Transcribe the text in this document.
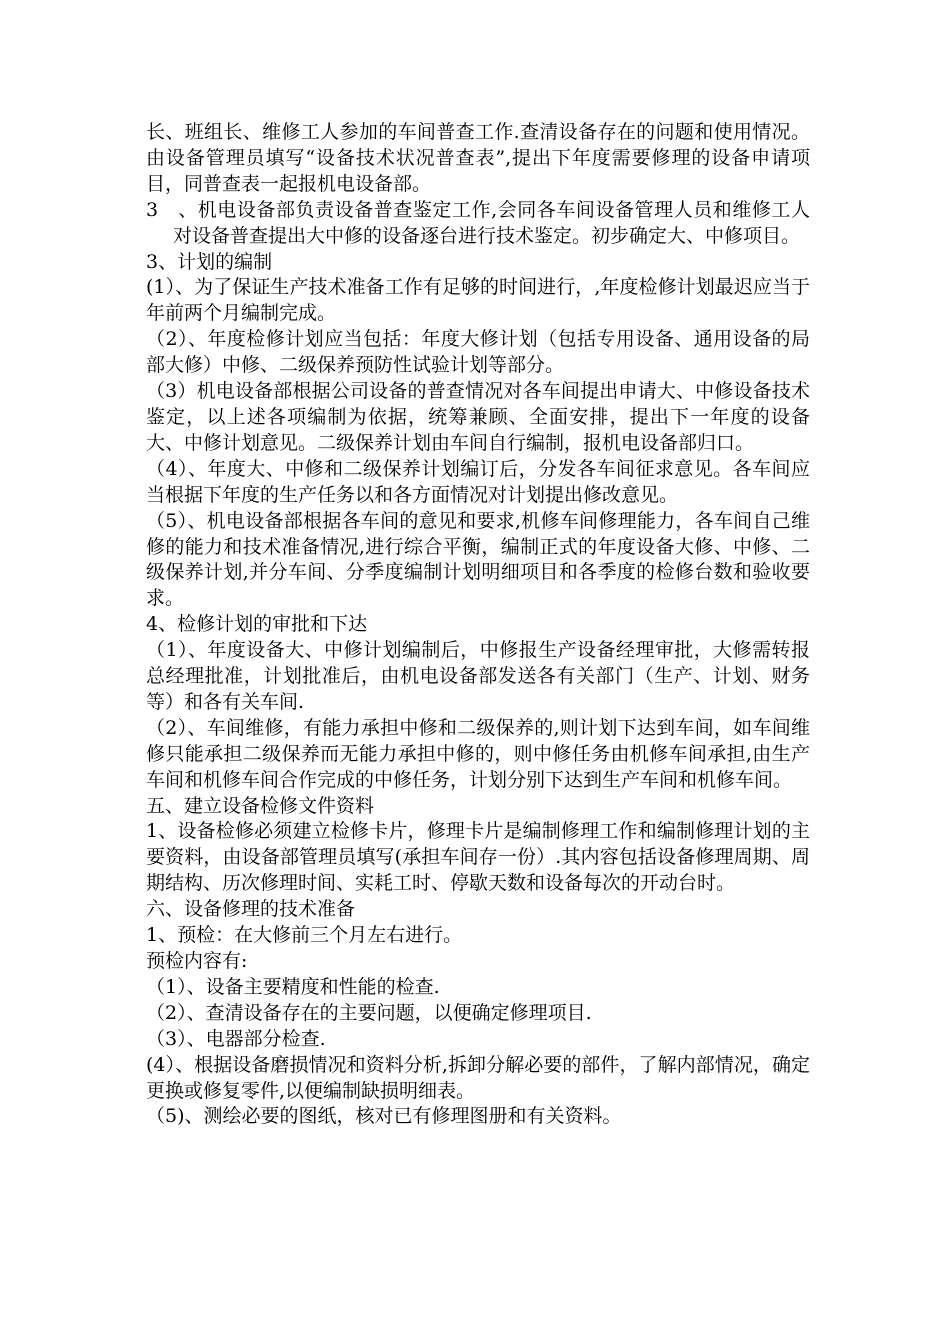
长、班组长、维修工人参加的车间普查工作.查清设备存在的问题和使用情况。由设备管理员填写“设备技术状况普查表”,提出下年度需要修理的设备申请项目，同普查表一起报机电设备部。

3　、机电设备部负责设备普查鉴定工作,会同各车间设备管理人员和维修工人对设备普查提出大中修的设备逐台进行技术鉴定。初步确定大、中修项目。

3、计划的编制

(1）、为了保证生产技术准备工作有足够的时间进行，,年度检修计划最迟应当于年前两个月编制完成。

（2）、年度检修计划应当包括：年度大修计划（包括专用设备、通用设备的局部大修）中修、二级保养预防性试验计划等部分。

（3）机电设备部根据公司设备的普查情况对各车间提出申请大、中修设备技术鉴定，以上述各项编制为依据，统筹兼顾、全面安排，提出下一年度的设备大、中修计划意见。二级保养计划由车间自行编制，报机电设备部归口。

（4）、年度大、中修和二级保养计划编订后，分发各车间征求意见。各车间应当根据下年度的生产任务以和各方面情况对计划提出修改意见。

（5）、机电设备部根据各车间的意见和要求,机修车间修理能力，各车间自己维修的能力和技术准备情况,进行综合平衡，编制正式的年度设备大修、中修、二级保养计划,并分车间、分季度编制计划明细项目和各季度的检修台数和验收要求。

4、检修计划的审批和下达

（1）、年度设备大、中修计划编制后，中修报生产设备经理审批，大修需转报总经理批准，计划批准后，由机电设备部发送各有关部门（生产、计划、财务等）和各有关车间.

（2）、车间维修，有能力承担中修和二级保养的,则计划下达到车间，如车间维修只能承担二级保养而无能力承担中修的，则中修任务由机修车间承担,由生产车间和机修车间合作完成的中修任务，计划分别下达到生产车间和机修车间。

五、建立设备检修文件资料

1、设备检修必须建立检修卡片，修理卡片是编制修理工作和编制修理计划的主要资料，由设备部管理员填写(承担车间存一份）.其内容包括设备修理周期、周期结构、历次修理时间、实耗工时、停歇天数和设备每次的开动台时。

六、设备修理的技术准备

1、预检：在大修前三个月左右进行。

预检内容有:

（1）、设备主要精度和性能的检查.

（2）、查清设备存在的主要问题，以便确定修理项目.

（3）、电器部分检查.

(4）、根据设备磨损情况和资料分析,拆卸分解必要的部件，了解内部情况，确定更换或修复零件,以便编制缺损明细表。

（5)、测绘必要的图纸，核对已有修理图册和有关资料。
